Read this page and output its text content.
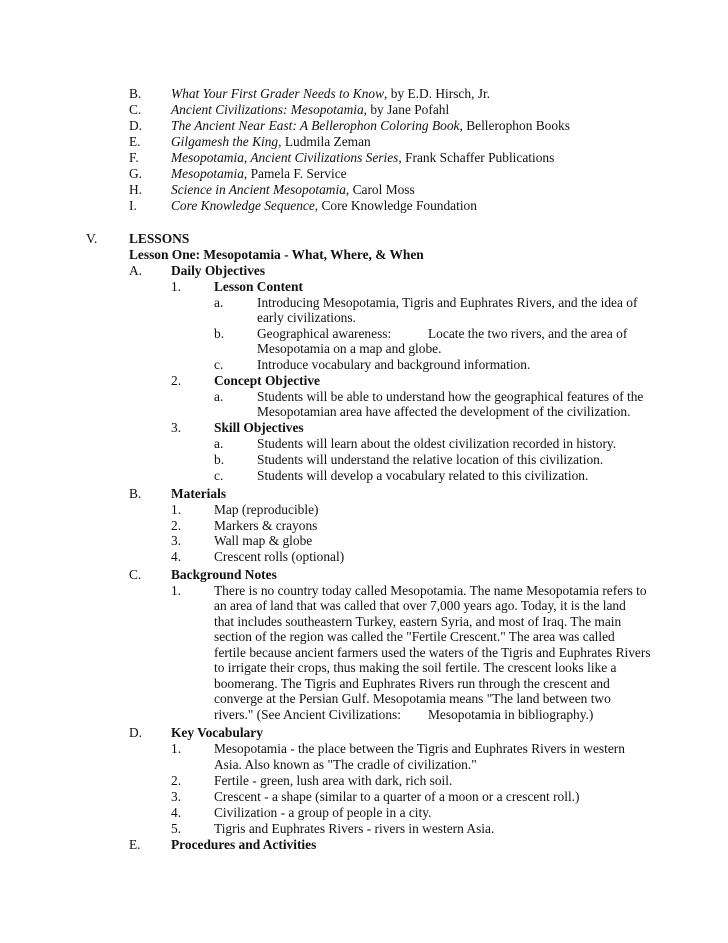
B. What Your First Grader Needs to Know, by E.D. Hirsch, Jr.
C. Ancient Civilizations: Mesopotamia, by Jane Pofahl
D. The Ancient Near East: A Bellerophon Coloring Book, Bellerophon Books
E. Gilgamesh the King, Ludmila Zeman
F. Mesopotamia, Ancient Civilizations Series, Frank Schaffer Publications
G. Mesopotamia, Pamela F. Service
H. Science in Ancient Mesopotamia, Carol Moss
I.	Core Knowledge Sequence, Core Knowledge Foundation
V. LESSONS
Lesson One: Mesopotamia - What, Where, & When
A. Daily Objectives
1. Lesson Content
a.	Introducing Mesopotamia, Tigris and Euphrates Rivers, and the idea of
early civilizations.
b. Geographical awareness:	Locate the two rivers, and the area of
Mesopotamia on a map and globe.
c.	Introduce vocabulary and background information.
2. Concept Objective
a.	Students will be able to understand how the geographical features of the
Mesopotamian area have affected the development of the civilization.
3. Skill Objectives
a.	Students will learn about the oldest civilization recorded in history.
b. Students will understand the relative location of this civilization.
c.	Students will develop a vocabulary related to this civilization.
B. Materials
1. Map (reproducible)
2. Markers & crayons
3. Wall map & globe
4. Crescent rolls (optional)
C. Background Notes
1. There is no country today called Mesopotamia. The name Mesopotamia refers to
an area of land that was called that over 7,000 years ago. Today, it is the land
that includes southeastern Turkey, eastern Syria, and most of Iraq. The main
section of the region was called the "Fertile Crescent." The area was called
fertile because ancient farmers used the waters of the Tigris and Euphrates Rivers
to irrigate their crops, thus making the soil fertile. The crescent looks like a
boomerang. The Tigris and Euphrates Rivers run through the crescent and
converge at the Persian Gulf. Mesopotamia means "The land between two
rivers." (See Ancient Civilizations: Mesopotamia in bibliography.)
D. Key Vocabulary
1. Mesopotamia - the place between the Tigris and Euphrates Rivers in western
Asia. Also known as "The cradle of civilization."
2. Fertile - green, lush area with dark, rich soil.
3. Crescent - a shape (similar to a quarter of a moon or a crescent roll.)
4. Civilization - a group of people in a city.
5. Tigris and Euphrates Rivers - rivers in western Asia.
E. Procedures and Activities
